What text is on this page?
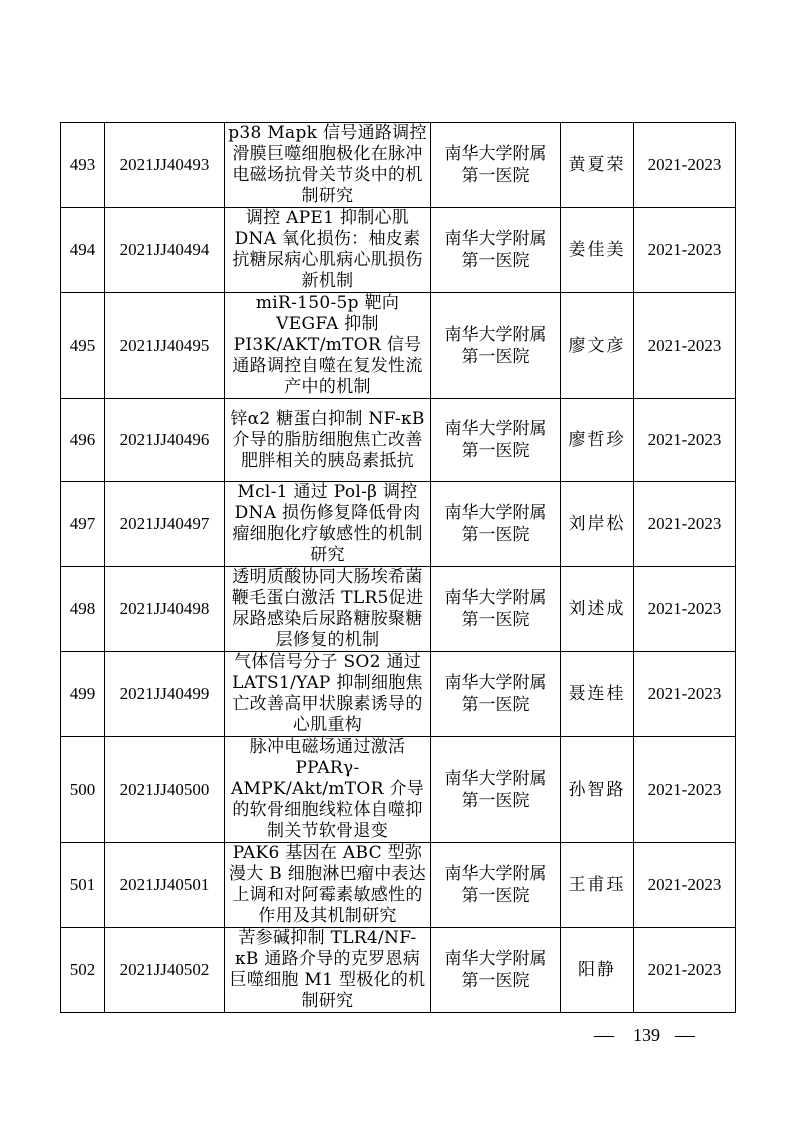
493	2021JJ40493	p38 Mapk 信号通路调控滑膜巨噬细胞极化在脉冲电磁场抗骨关节炎中的机制研究	南华大学附属
第一医院	黄夏荣	2021-2023
494	2021JJ40494	调控 APE1 抑制心肌DNA 氧化损伤：柚皮素抗糖尿病心肌病心肌损伤新机制	南华大学附属
第一医院	姜佳美	2021-2023
495	2021JJ40495	miR-150-5p 靶向VEGFA 抑制PI3K/AKT/mTOR 信号通路调控自噬在复发性流产中的机制	南华大学附属
第一医院	廖文彦	2021-2023
496	2021JJ40496	锌α2 糖蛋白抑制 NF-κB 介导的脂肪细胞焦亡改善肥胖相关的胰岛素抵抗	南华大学附属
第一医院	廖哲珍	2021-2023
497	2021JJ40497	Mcl-1 通过 Pol-β 调控DNA 损伤修复降低骨肉瘤细胞化疗敏感性的机制研究	南华大学附属
第一医院	刘岸松	2021-2023
498	2021JJ40498	透明质酸协同大肠埃希菌鞭毛蛋白激活 TLR5促进尿路感染后尿路糖胺聚糖层修复的机制	南华大学附属
第一医院	刘述成	2021-2023
499	2021JJ40499	气体信号分子 SO2 通过LATS1/YAP 抑制细胞焦亡改善高甲状腺素诱导的心肌重构	南华大学附属
第一医院	聂连桂	2021-2023
500	2021JJ40500	脉冲电磁场通过激活PPARγ-AMPK/Akt/mTOR 介导的软骨细胞线粒体自噬抑制关节软骨退变	南华大学附属
第一医院	孙智路	2021-2023
501	2021JJ40501	PAK6 基因在 ABC 型弥漫大 B 细胞淋巴瘤中表达上调和对阿霉素敏感性的作用及其机制研究	南华大学附属
第一医院	王甫珏	2021-2023
502	2021JJ40502	苦参碱抑制 TLR4/NF-κB 通路介导的克罗恩病巨噬细胞 M1 型极化的机制研究	南华大学附属
第一医院	阳静	2021-2023
— 139 —
